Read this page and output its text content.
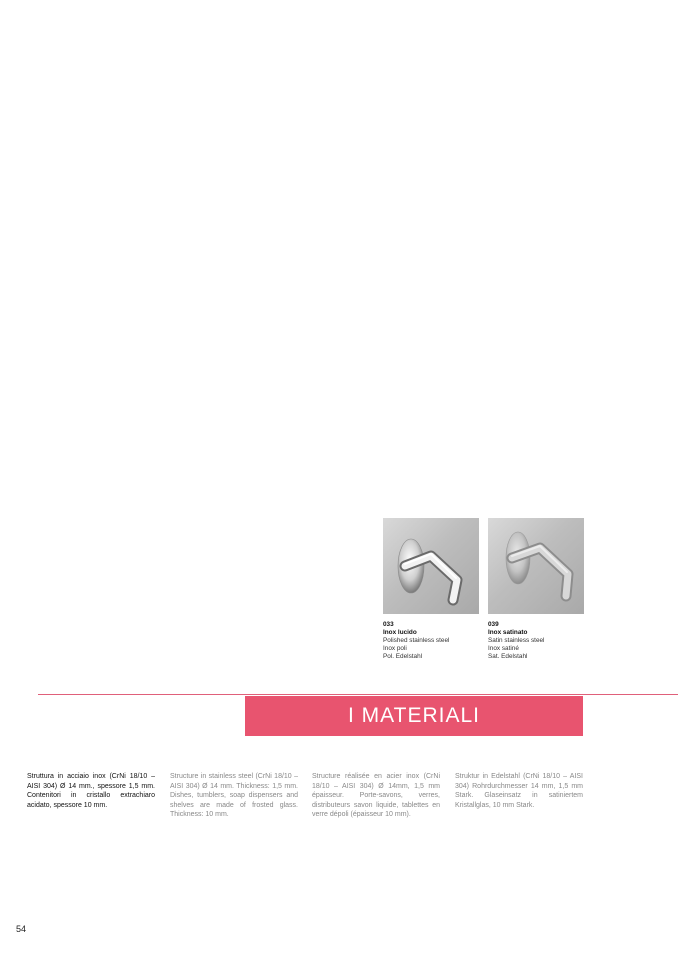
033
Inox lucido
Polished stainless steel
Inox poli
Pol. Edelstahl
039
Inox satinato
Satin stainless steel
Inox satiné
Sat. Edelstahl
I MATERIALI
Struttura in acciaio inox (CrNi 18/10 – AISI 304) Ø 14 mm., spessore 1,5 mm. Contenitori in cristallo extrachiaro acidato, spessore 10 mm.
Structure in stainless steel (CrNi 18/10 – AISI 304) Ø 14 mm. Thickness: 1,5 mm. Dishes, tumblers, soap dispensers and shelves are made of frosted glass. Thickness: 10 mm.
Structure réalisée en acier inox (CrNi 18/10 – AISI 304) Ø 14mm, 1,5 mm épaisseur. Porte-savons, verres, distributeurs savon liquide, tablettes en verre dépoli (épaisseur 10 mm).
Struktur in Edelstahl (CrNi 18/10 – AISI 304) Rohrdurchmesser 14 mm, 1,5 mm Stark. Glaseinsatz in satiniertem Kristallglas, 10 mm Stark.
54
